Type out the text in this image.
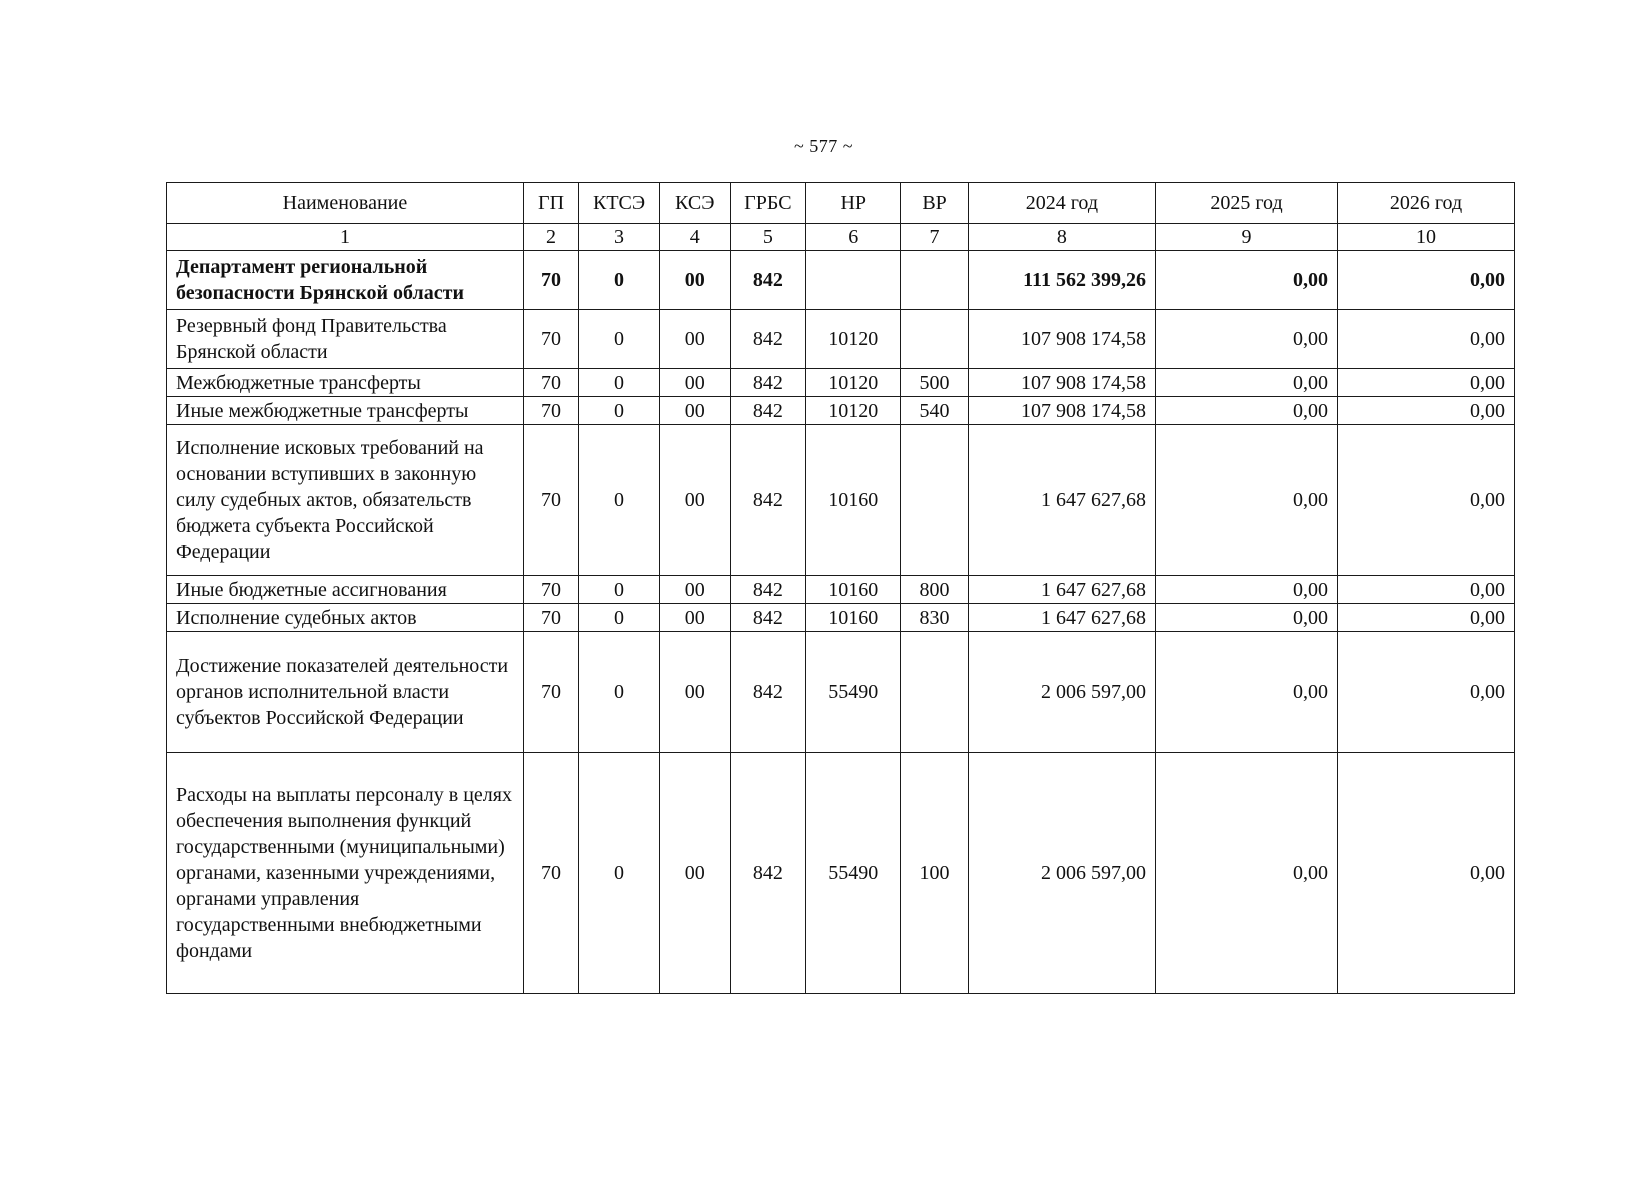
~ 577 ~
Наименование	ГП	КТСЭ	КСЭ	ГРБС	НР	ВР	2024 год	2025 год	2026 год
1	2	3	4	5	6	7	8	9	10
Департамент региональной безопасности Брянской области	70	0	00	842			111 562 399,26	0,00	0,00
Резервный фонд Правительства Брянской области	70	0	00	842	10120		107 908 174,58	0,00	0,00
Межбюджетные трансферты	70	0	00	842	10120	500	107 908 174,58	0,00	0,00
Иные межбюджетные трансферты	70	0	00	842	10120	540	107 908 174,58	0,00	0,00
Исполнение исковых требований на основании вступивших в законную силу судебных актов, обязательств бюджета субъекта Российской Федерации	70	0	00	842	10160		1 647 627,68	0,00	0,00
Иные бюджетные ассигнования	70	0	00	842	10160	800	1 647 627,68	0,00	0,00
Исполнение судебных актов	70	0	00	842	10160	830	1 647 627,68	0,00	0,00
Достижение показателей деятельности органов исполнительной власти субъектов Российской Федерации	70	0	00	842	55490		2 006 597,00	0,00	0,00
Расходы на выплаты персоналу в целях обеспечения выполнения функций государственными (муниципальными) органами, казенными учреждениями, органами управления государственными внебюджетными фондами	70	0	00	842	55490	100	2 006 597,00	0,00	0,00
